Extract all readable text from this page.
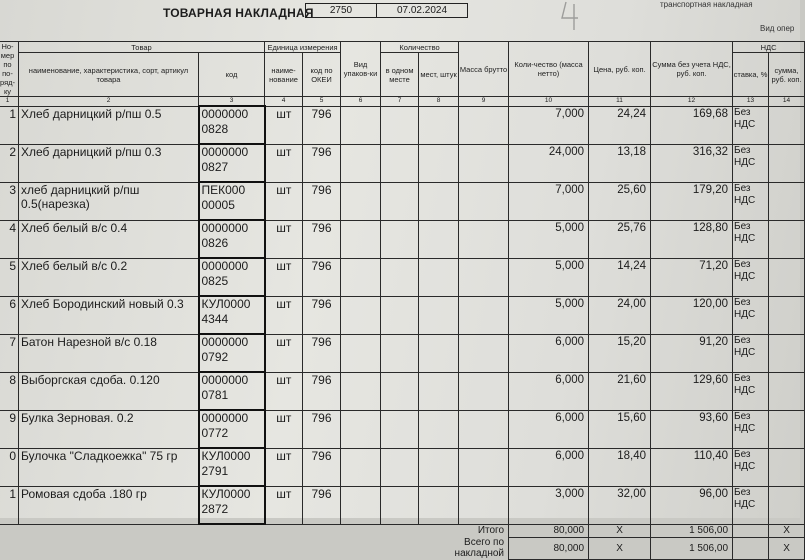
ТОВАРНАЯ НАКЛАДНАЯ	2750	07.02.2024
транспортная накладная
Вид опер
Но-мер по по-ряд-ку	Товар		Единица измерения		Вид упаков-ки	Количество		Масса брутто	Коли-чество (масса нетто)	Цена, руб. коп.	Сумма без учета НДС, руб. коп.	НДС	
	наименование, характеристика, сорт, артикул товара	код	наиме-нование	код по ОКЕИ		в одном месте	мест, штук					ставка, %	сумма, руб. коп.
1	2	3	4	5	6	7	8	9	10	11	12	13	14
1	Хлеб дарницкий р/пш 0.5	0000000 0828	шт	796					7,000	24,24	169,68	Без НДС	
2	Хлеб дарницкий р/пш 0.3	0000000 0827	шт	796					24,000	13,18	316,32	Без НДС	
3	хлеб дарницкий р/пш 0.5(нарезка)	ПЕК000 00005	шт	796					7,000	25,60	179,20	Без НДС	
4	Хлеб белый в/с 0.4	0000000 0826	шт	796					5,000	25,76	128,80	Без НДС	
5	Хлеб белый в/с 0.2	0000000 0825	шт	796					5,000	14,24	71,20	Без НДС	
6	Хлеб Бородинский новый 0.3	КУЛ0000 4344	шт	796					5,000	24,00	120,00	Без НДС	
7	Батон Нарезной в/с 0.18	0000000 0792	шт	796					6,000	15,20	91,20	Без НДС	
8	Выборгская сдоба. 0.120	0000000 0781	шт	796					6,000	21,60	129,60	Без НДС	
9	Булка Зерновая. 0.2	0000000 0772	шт	796					6,000	15,60	93,60	Без НДС	
0	Булочка "Сладкоежка" 75 гр	КУЛ0000 2791	шт	796					6,000	18,40	110,40	Без НДС	
1	Ромовая сдоба .180 гр	КУЛ0000 2872	шт	796					3,000	32,00	96,00	Без НДС	
								Итого	80,000	X	1 506,00		X
							Всего по накладной		80,000	X	1 506,00		X
